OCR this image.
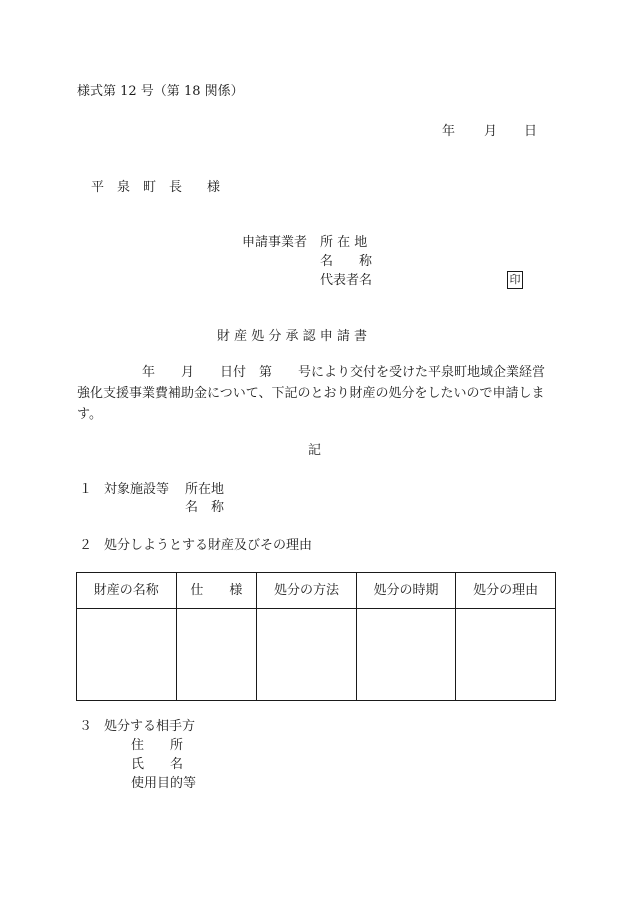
様式第 12 号（第 18 関係）
年 月 日
平　泉　町　長 様
申請事業者 所 在 地
名　　称
代表者名	印
財 産 処 分 承 認 申 請 書
　　　　　年　　月　　日付　第　　号により交付を受けた平泉町地域企業経営強化支援事業費補助金について、下記のとおり財産の処分をしたいので申請します。
記
１ 対象施設等 所在地
名　称
２ 処分しようとする財産及びその理由
財産の名称	仕　　様	処分の方法	処分の時期	処分の理由

３ 処分する相手方
住　　所
氏　　名
使用目的等
